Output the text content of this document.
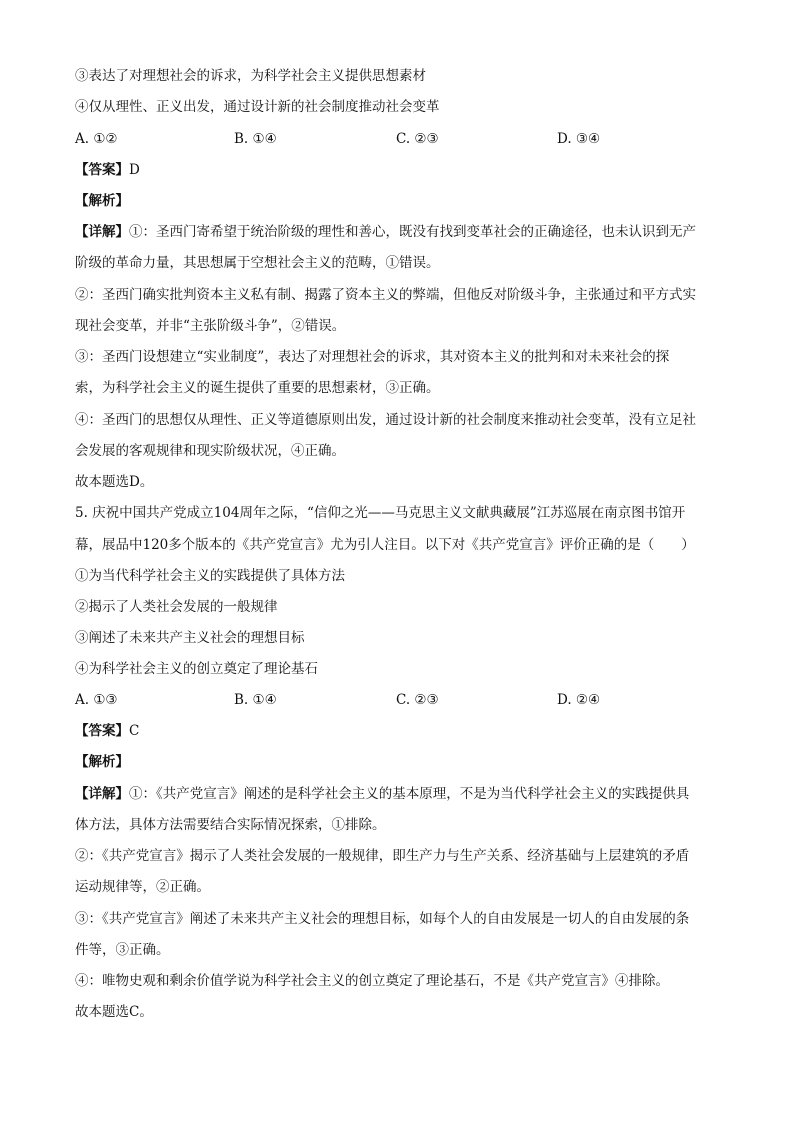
③表达了对理想社会的诉求，为科学社会主义提供思想素材
④仅从理性、正义出发，通过设计新的社会制度推动社会变革
A. ①②	B. ①④	C. ②③	D. ③④
【答案】D
【解析】
【详解】①：圣西门寄希望于统治阶级的理性和善心，既没有找到变革社会的正确途径，也未认识到无产
阶级的革命力量，其思想属于空想社会主义的范畴，①错误。
②：圣西门确实批判资本主义私有制、揭露了资本主义的弊端，但他反对阶级斗争，主张通过和平方式实
现社会变革，并非“主张阶级斗争”，②错误。
③：圣西门设想建立“实业制度”，表达了对理想社会的诉求，其对资本主义的批判和对未来社会的探
索，为科学社会主义的诞生提供了重要的思想素材，③正确。
④：圣西门的思想仅从理性、正义等道德原则出发，通过设计新的社会制度来推动社会变革，没有立足社
会发展的客观规律和现实阶级状况，④正确。
故本题选D。
5. 庆祝中国共产党成立104周年之际，“信仰之光——马克思主义文献典藏展”江苏巡展在南京图书馆开
幕，展品中120多个版本的《共产党宣言》尤为引人注目。以下对《共产党宣言》评价正确的是（　　）
①为当代科学社会主义的实践提供了具体方法
②揭示了人类社会发展的一般规律
③阐述了未来共产主义社会的理想目标
④为科学社会主义的创立奠定了理论基石
A. ①③	B. ①④	C. ②③	D. ②④
【答案】C
【解析】
【详解】①：《共产党宣言》阐述的是科学社会主义的基本原理，不是为当代科学社会主义的实践提供具
体方法，具体方法需要结合实际情况探索，①排除。
②：《共产党宣言》揭示了人类社会发展的一般规律，即生产力与生产关系、经济基础与上层建筑的矛盾
运动规律等，②正确。
③：《共产党宣言》阐述了未来共产主义社会的理想目标，如每个人的自由发展是一切人的自由发展的条
件等，③正确。
④：唯物史观和剩余价值学说为科学社会主义的创立奠定了理论基石，不是《共产党宣言》④排除。
故本题选C。
